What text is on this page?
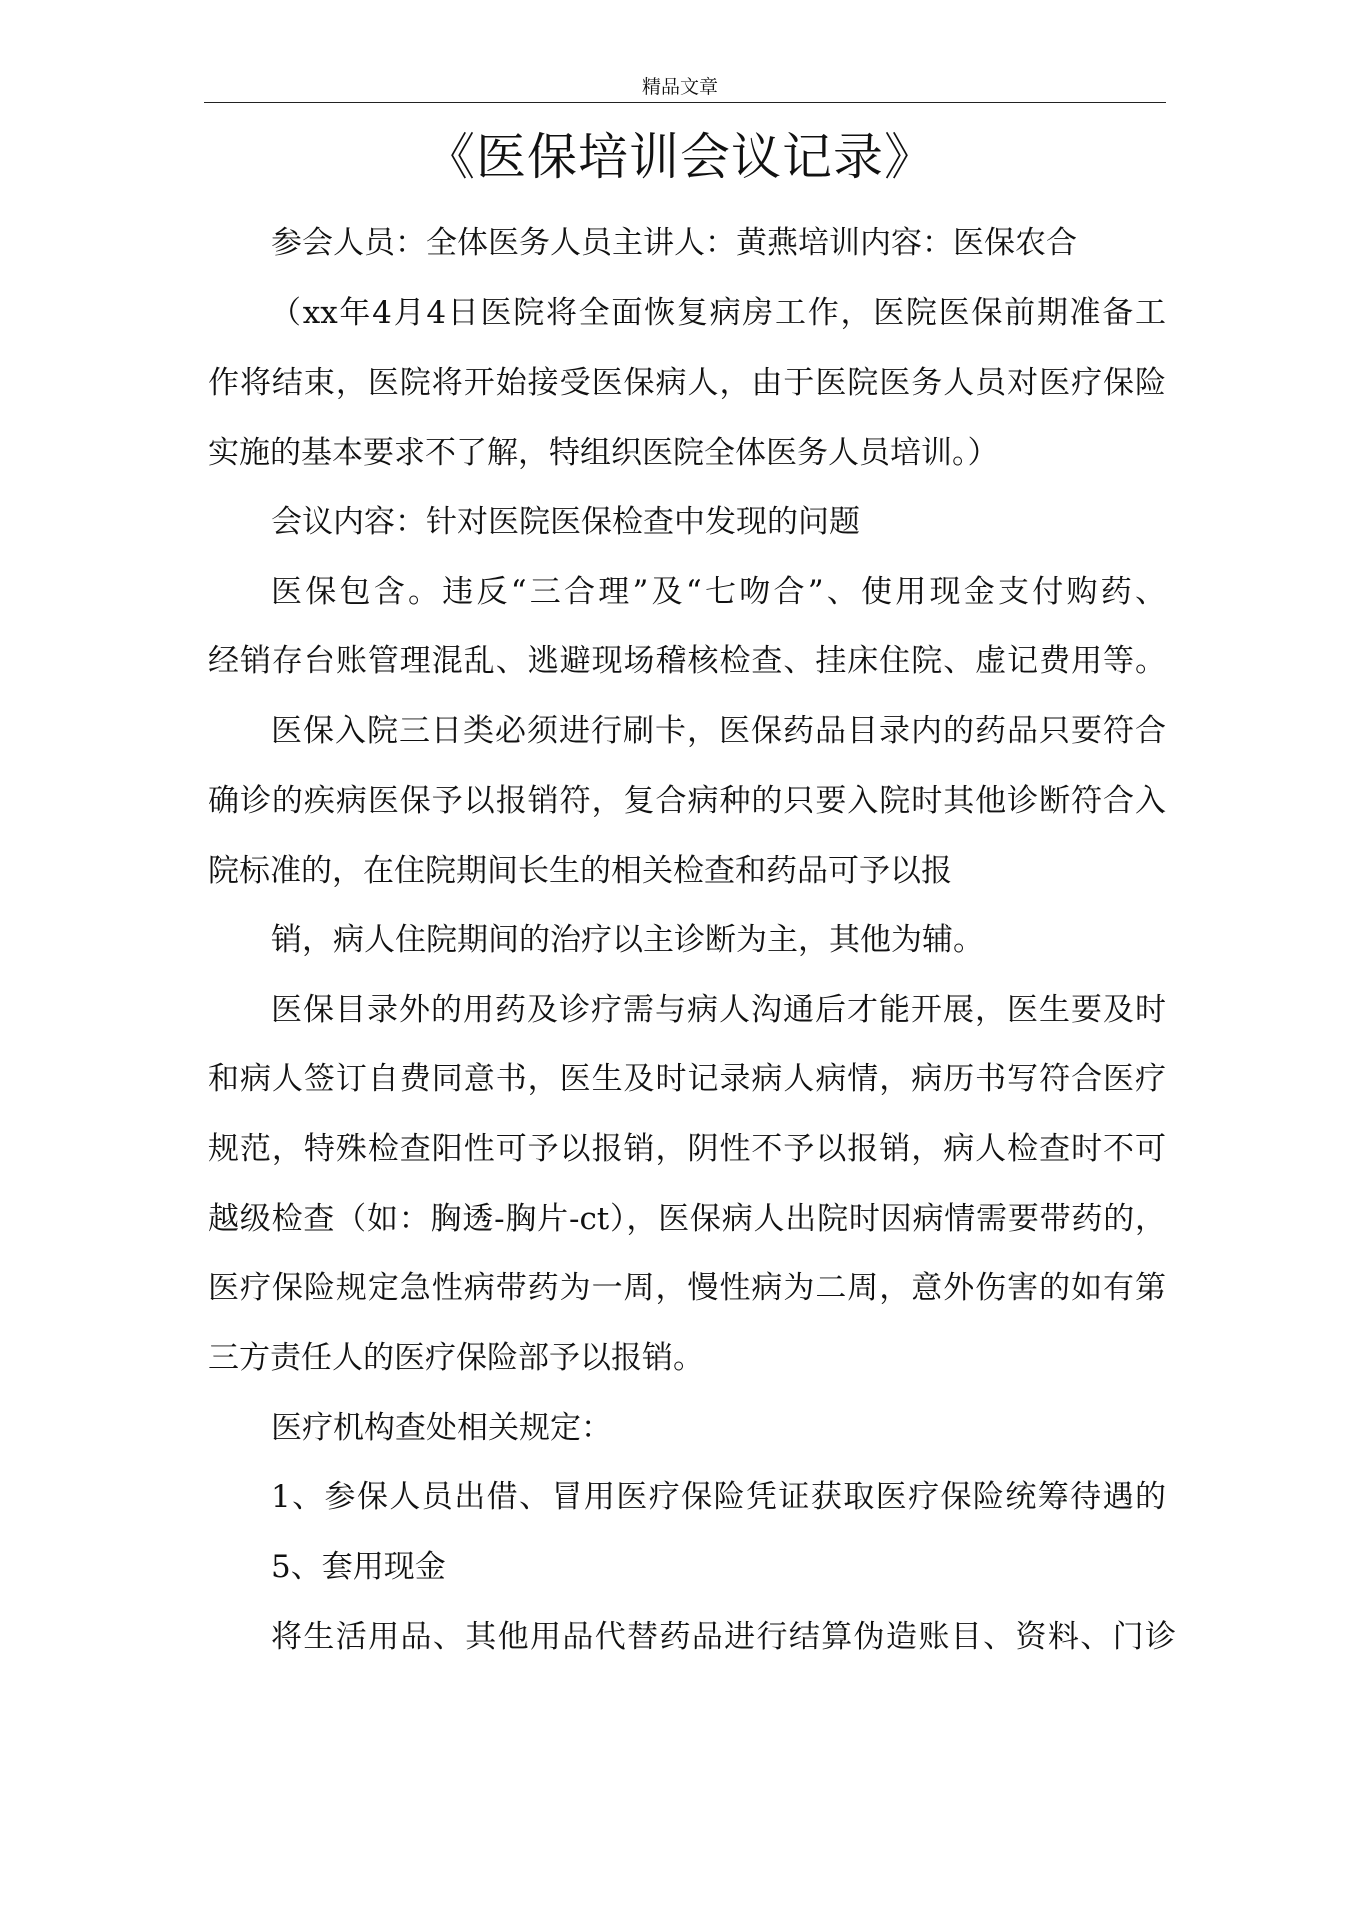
精品文章
《医保培训会议记录》
参会人员：全体医务人员主讲人：黄燕培训内容：医保农合
（xx年4月4日医院将全面恢复病房工作，医院医保前期准备工
作将结束，医院将开始接受医保病人，由于医院医务人员对医疗保险
实施的基本要求不了解，特组织医院全体医务人员培训。）
会议内容：针对医院医保检查中发现的问题
医保包含。违反“三合理”及“七吻合”、使用现金支付购药、
经销存台账管理混乱、逃避现场稽核检查、挂床住院、虚记费用等。
医保入院三日类必须进行刷卡，医保药品目录内的药品只要符合
确诊的疾病医保予以报销符，复合病种的只要入院时其他诊断符合入
院标准的，在住院期间长生的相关检查和药品可予以报
销，病人住院期间的治疗以主诊断为主，其他为辅。
医保目录外的用药及诊疗需与病人沟通后才能开展，医生要及时
和病人签订自费同意书，医生及时记录病人病情，病历书写符合医疗
规范，特殊检查阳性可予以报销，阴性不予以报销，病人检查时不可
越级检查（如：胸透-胸片-ct），医保病人出院时因病情需要带药的，
医疗保险规定急性病带药为一周，慢性病为二周，意外伤害的如有第
三方责任人的医疗保险部予以报销。
医疗机构查处相关规定：
1、参保人员出借、冒用医疗保险凭证获取医疗保险统筹待遇的
5、套用现金
将生活用品、其他用品代替药品进行结算伪造账目、资料、门诊
